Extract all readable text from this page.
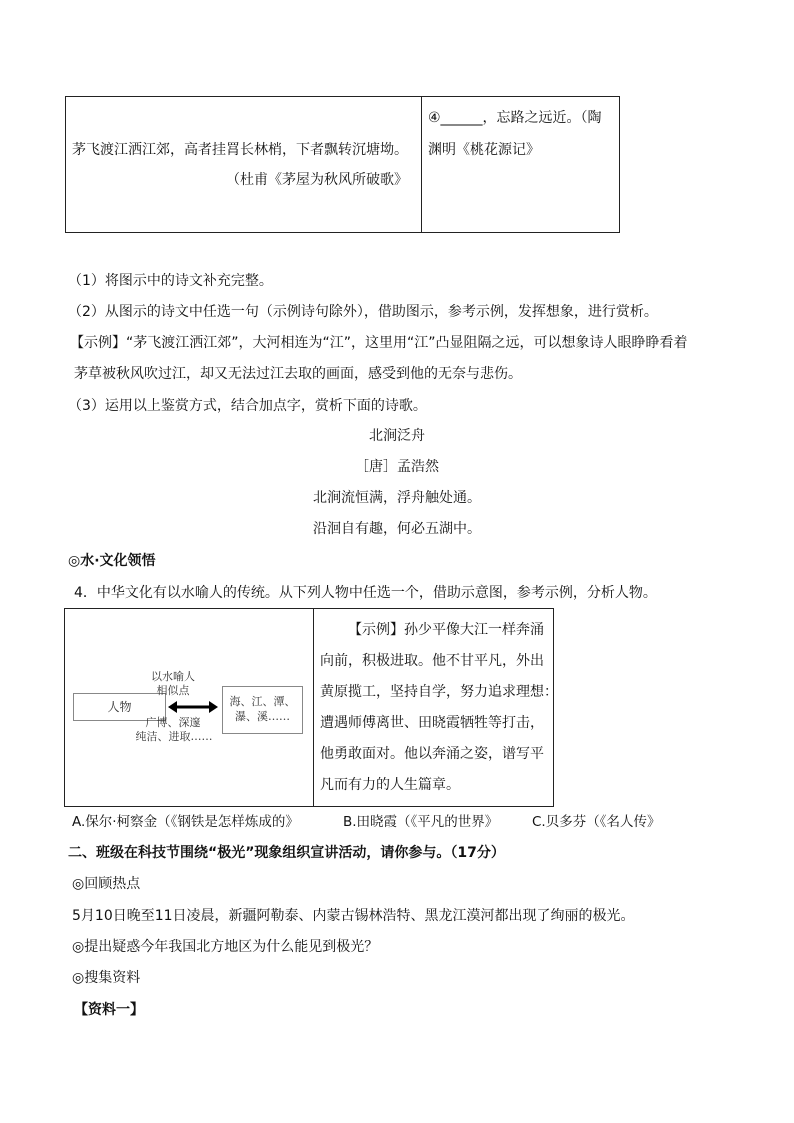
茅飞渡江洒江郊，高者挂罥长林梢，下者飘转沉塘坳。
（杜甫《茅屋为秋风所破歌》
④______，忘路之远近。（陶
渊明《桃花源记》
（1）将图示中的诗文补充完整。
（2）从图示的诗文中任选一句（示例诗句除外），借助图示，参考示例，发挥想象，进行赏析。
【示例】“茅飞渡江洒江郊”，大河相连为“江”，这里用“江”凸显阻隔之远，可以想象诗人眼睁睁看着
茅草被秋风吹过江，却又无法过江去取的画面，感受到他的无奈与悲伤。
（3）运用以上鉴赏方式，结合加点字，赏析下面的诗歌。
北涧泛舟
［唐］孟浩然
北涧流恒满，浮舟触处通。
沿洄自有趣，何必五湖中。
◎水·文化领悟
4．中华文化有以水喻人的传统。从下列人物中任选一个，借助示意图，参考示例，分析人物。
人物
以水喻人
相似点
广博、深邃
纯洁、进取……
海、江、潭、
瀑、溪……
【示例】孙少平像大江一样奔涌
向前，积极进取。他不甘平凡，外出
黄原揽工，坚持自学，努力追求理想：
遭遇师傅离世、田晓霞牺牲等打击，
他勇敢面对。他以奔涌之姿，谱写平
凡而有力的人生篇章。
A.保尔·柯察金（《钢铁是怎样炼成的》	B.田晓霞（《平凡的世界》 C.贝多芬（《名人传》
二、班级在科技节围绕“极光”现象组织宣讲活动，请你参与。（17分）
◎回顾热点
5月10日晚至11日凌晨，新疆阿勒泰、内蒙古锡林浩特、黑龙江漠河都出现了绚丽的极光。
◎提出疑惑今年我国北方地区为什么能见到极光？
◎搜集资料
【资料一】
